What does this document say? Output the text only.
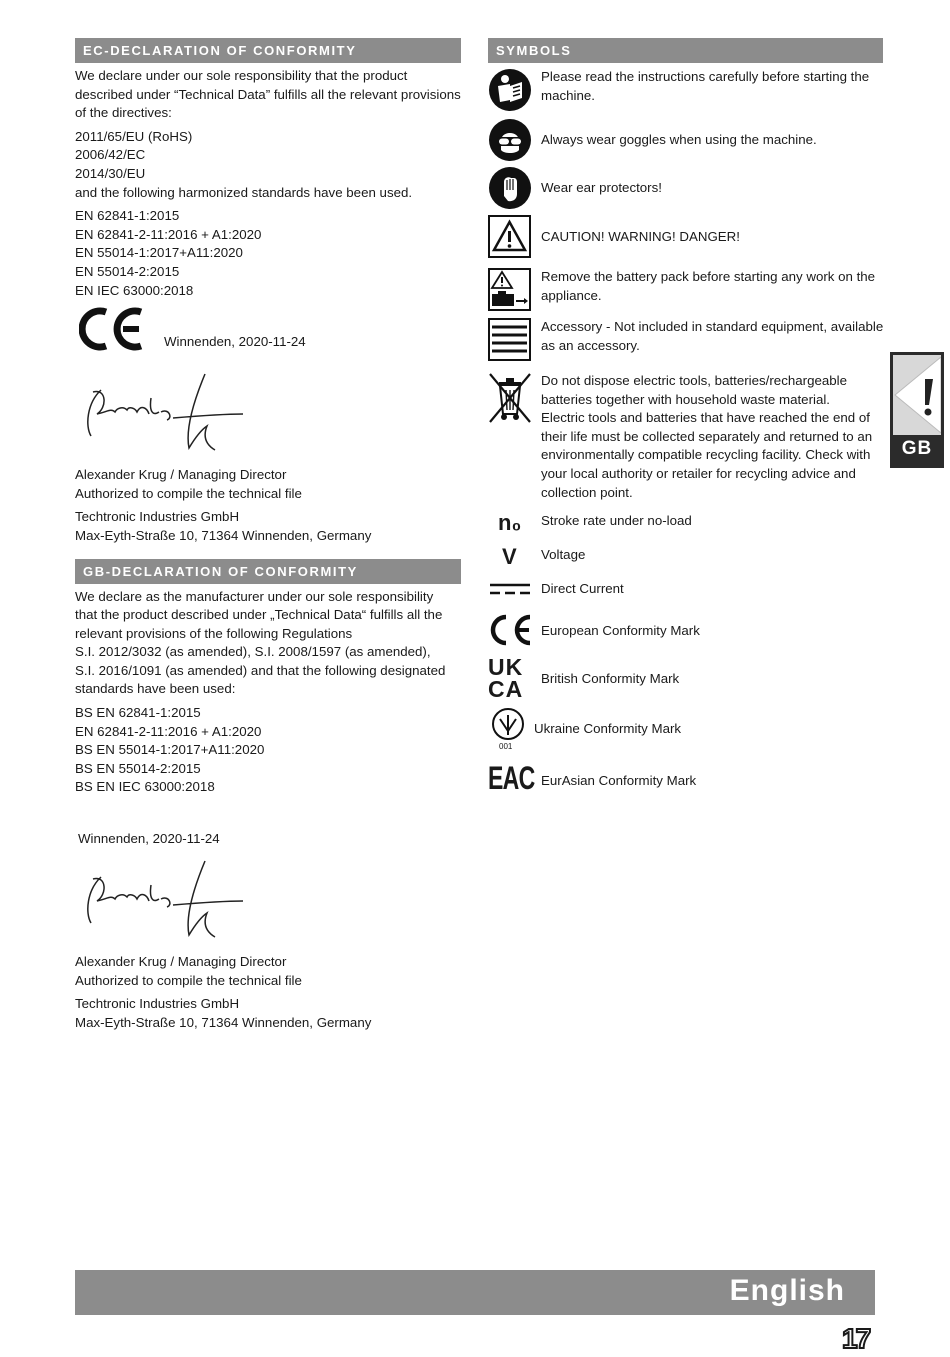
EC-DECLARATION OF CONFORMITY
We declare under our sole responsibility that the product
described under “Technical Data” fulfills all the relevant provisions
of the directives:
2011/65/EU (RoHS)
2006/42/EC
2014/30/EU
and the following harmonized standards have been used.
EN 62841-1:2015
EN 62841-2-11:2016 + A1:2020
EN 55014-1:2017+A11:2020
EN 55014-2:2015
EN IEC 63000:2018
Winnenden, 2020-11-24
Alexander Krug / Managing Director
Authorized to compile the technical file
Techtronic Industries GmbH
Max-Eyth-Straße 10, 71364 Winnenden, Germany
GB-DECLARATION OF CONFORMITY
We declare as the manufacturer under our sole responsibility
that the product described under „Technical Data“ fulfills all the
relevant provisions of the following Regulations
S.I. 2012/3032 (as amended), S.I. 2008/1597 (as amended),
S.I. 2016/1091 (as amended) and that the following designated
standards have been used:
BS EN 62841-1:2015
EN 62841-2-11:2016 + A1:2020
BS EN 55014-1:2017+A11:2020
BS EN 55014-2:2015
BS EN IEC 63000:2018
Winnenden, 2020-11-24
Alexander Krug / Managing Director
Authorized to compile the technical file
Techtronic Industries GmbH
Max-Eyth-Straße 10, 71364 Winnenden, Germany
SYMBOLS
Please read the instructions carefully before starting the
machine.
Always wear goggles when using the machine.
Wear ear protectors!
CAUTION! WARNING! DANGER!
Remove the battery pack before starting any work on the
appliance.
Accessory - Not included in standard equipment, available
as an accessory.
Do not dispose electric tools, batteries/rechargeable
batteries together with household waste material.
Electric tools and batteries that have reached the end of
their life must be collected separately and returned to an
environmentally compatible recycling facility. Check with
your local authority or retailer for recycling advice and
collection point.
n₀	Stroke rate under no-load
V	Voltage
Direct Current
European Conformity Mark
UK CA	British Conformity Mark
001
Ukraine Conformity Mark
EAC EurAsian Conformity Mark
GB
English
17
